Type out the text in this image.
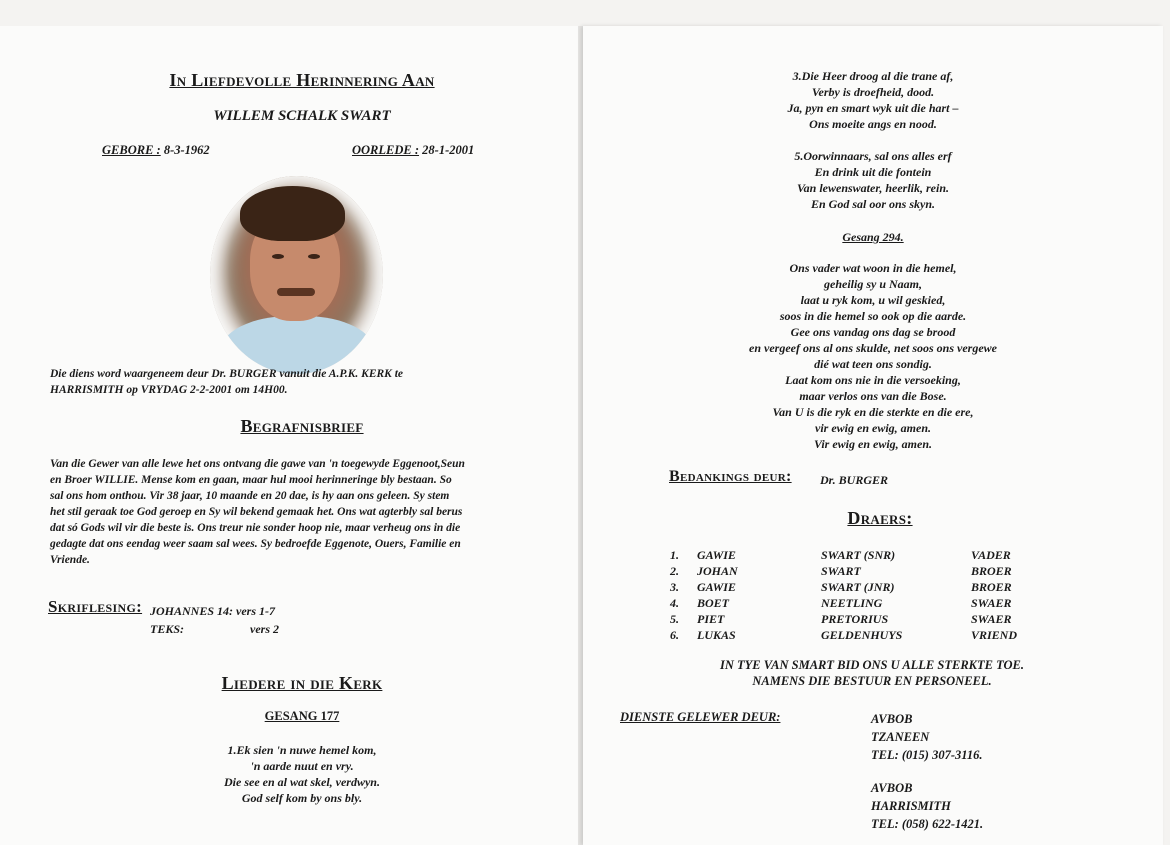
In Liefdevolle Herinnering Aan
WILLEM SCHALK SWART
GEBORE : 8-3-1962	OORLEDE : 28-1-2001
Die diens word waargeneem deur Dr. BURGER vanuit die A.P.K. KERK te
HARRISMITH op VRYDAG 2-2-2001 om 14H00.
Begrafnisbrief
Van die Gewer van alle lewe het ons ontvang die gawe van 'n toegewyde Eggenoot,Seun
en Broer WILLIE. Mense kom en gaan, maar hul mooi herinneringe bly bestaan. So
sal ons hom onthou. Vir 38 jaar, 10 maande en 20 dae, is hy aan ons geleen. Sy stem
het stil geraak toe God geroep en Sy wil bekend gemaak het. Ons wat agterbly sal berus
dat só Gods wil vir die beste is. Ons treur nie sonder hoop nie, maar verheug ons in die
gedagte dat ons eendag weer saam sal wees. Sy bedroefde Eggenote, Ouers, Familie en
Vriende.
Skriflesing: JOHANNES 14: vers 1-7
TEKS:	vers 2
Liedere in die Kerk
GESANG 177
1.Ek sien 'n nuwe hemel kom,
'n aarde nuut en vry.
Die see en al wat skel, verdwyn.
God self kom by ons bly.
3.Die Heer droog al die trane af,
Verby is droefheid, dood.
Ja, pyn en smart wyk uit die hart –
Ons moeite angs en nood.
5.Oorwinnaars, sal ons alles erf
En drink uit die fontein
Van lewenswater, heerlik, rein.
En God sal oor ons skyn.
Gesang 294.
Ons vader wat woon in die hemel,
geheilig sy u Naam,
laat u ryk kom, u wil geskied,
soos in die hemel so ook op die aarde.
Gee ons vandag ons dag se brood
en vergeef ons al ons skulde, net soos ons vergewe
dié wat teen ons sondig.
Laat kom ons nie in die versoeking,
maar verlos ons van die Bose.
Van U is die ryk en die sterkte en die ere,
vir ewig en ewig, amen.
Vir ewig en ewig, amen.
Bedankings deur: Dr. BURGER
Draers:
1.	GAWIE	SWART (SNR)	VADER
2.	JOHAN	SWART	BROER
3.	GAWIE	SWART (JNR)	BROER
4.	BOET	NEETLING	SWAER
5.	PIET	PRETORIUS	SWAER
6.	LUKAS	GELDENHUYS	VRIEND
IN TYE VAN SMART BID ONS U ALLE STERKTE TOE.
NAMENS DIE BESTUUR EN PERSONEEL.
DIENSTE GELEWER DEUR:	AVBOB
TZANEEN
TEL: (015) 307-3116.
AVBOB
HARRISMITH
TEL: (058) 622-1421.
